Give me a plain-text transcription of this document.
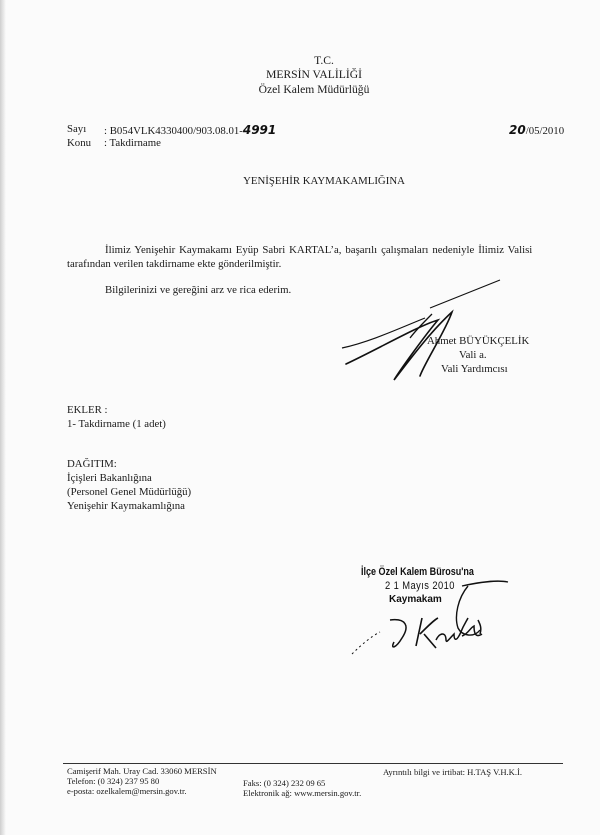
T.C.
MERSİN VALİLİĞİ
Özel Kalem Müdürlüğü
Sayı : B054VLK4330400/903.08.01-4991
Konu : Takdirname
20/05/2010
YENİŞEHİR KAYMAKAMLIĞINA
İlimiz Yenişehir Kaymakamı Eyüp Sabri KARTAL’a, başarılı çalışmaları nedeniyle İlimiz Valisi
tarafından verilen takdirname ekte gönderilmiştir.
Bilgilerinizi ve gereğini arz ve rica ederim.
Ahmet BÜYÜKÇELİK
Vali a.
Vali Yardımcısı
EKLER :
1- Takdirname (1 adet)
DAĞITIM:
İçişleri Bakanlığına
(Personel Genel Müdürlüğü)
Yenişehir Kaymakamlığına
İlçe Özel Kalem Bürosu'na
2 1 Mayıs 2010
Kaymakam
Camişerif Mah. Uray Cad. 33060 MERSİN
Telefon: (0 324) 237 95 80
e-posta: ozelkalem@mersin.gov.tr.
Faks: (0 324) 232 09 65
Elektronik ağ: www.mersin.gov.tr.
Ayrıntılı bilgi ve irtibat: H.TAŞ V.H.K.İ.
